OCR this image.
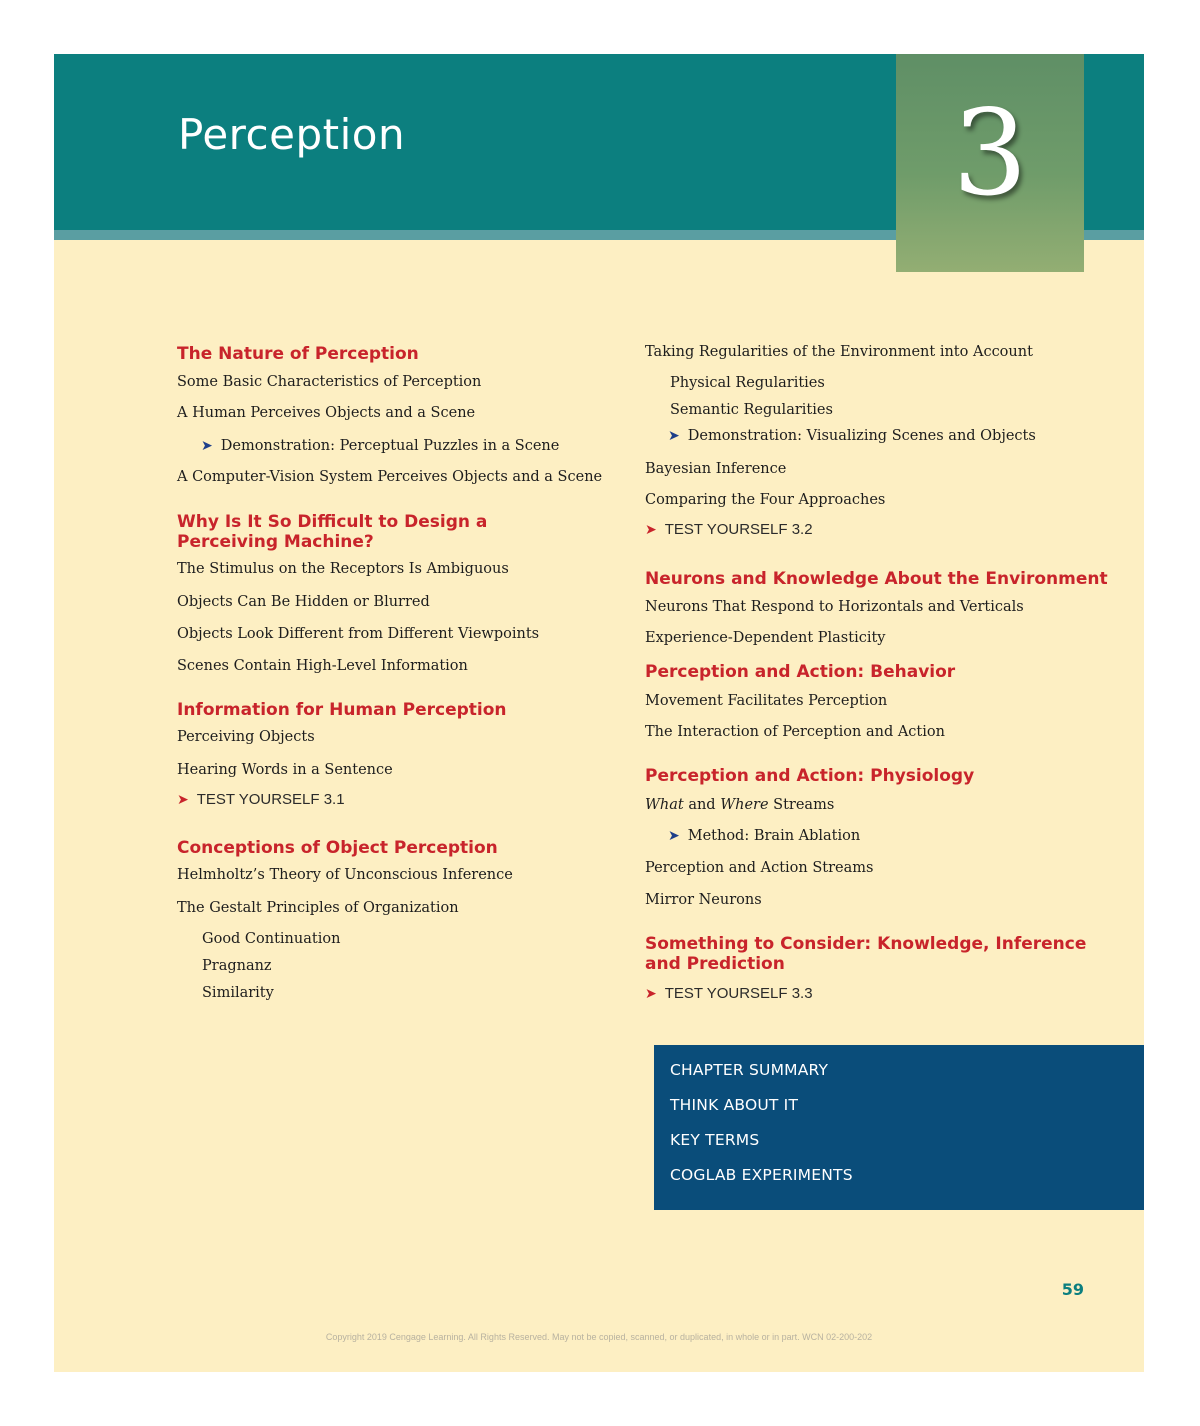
Perception	3
The Nature of Perception
Some Basic Characteristics of Perception
A Human Perceives Objects and a Scene
➤ Demonstration: Perceptual Puzzles in a Scene
A Computer-Vision System Perceives Objects and a Scene
Why Is It So Difficult to Design a
Perceiving Machine?
The Stimulus on the Receptors Is Ambiguous
Objects Can Be Hidden or Blurred
Objects Look Different from Different Viewpoints
Scenes Contain High-Level Information
Information for Human Perception
Perceiving Objects
Hearing Words in a Sentence
➤ TEST YOURSELF 3.1
Conceptions of Object Perception
Helmholtz’s Theory of Unconscious Inference
The Gestalt Principles of Organization
Good Continuation
Pragnanz
Similarity
Taking Regularities of the Environment into Account
Physical Regularities
Semantic Regularities
➤ Demonstration: Visualizing Scenes and Objects
Bayesian Inference
Comparing the Four Approaches
➤ TEST YOURSELF 3.2
Neurons and Knowledge About the Environment
Neurons That Respond to Horizontals and Verticals
Experience-Dependent Plasticity
Perception and Action: Behavior
Movement Facilitates Perception
The Interaction of Perception and Action
Perception and Action: Physiology
What and Where Streams
➤ Method: Brain Ablation
Perception and Action Streams
Mirror Neurons
Something to Consider: Knowledge, Inference
and Prediction
➤ TEST YOURSELF 3.3
CHAPTER SUMMARY
THINK ABOUT IT
KEY TERMS
COGLAB EXPERIMENTS
59
Copyright 2019 Cengage Learning. All Rights Reserved. May not be copied, scanned, or duplicated, in whole or in part. WCN 02-200-202
